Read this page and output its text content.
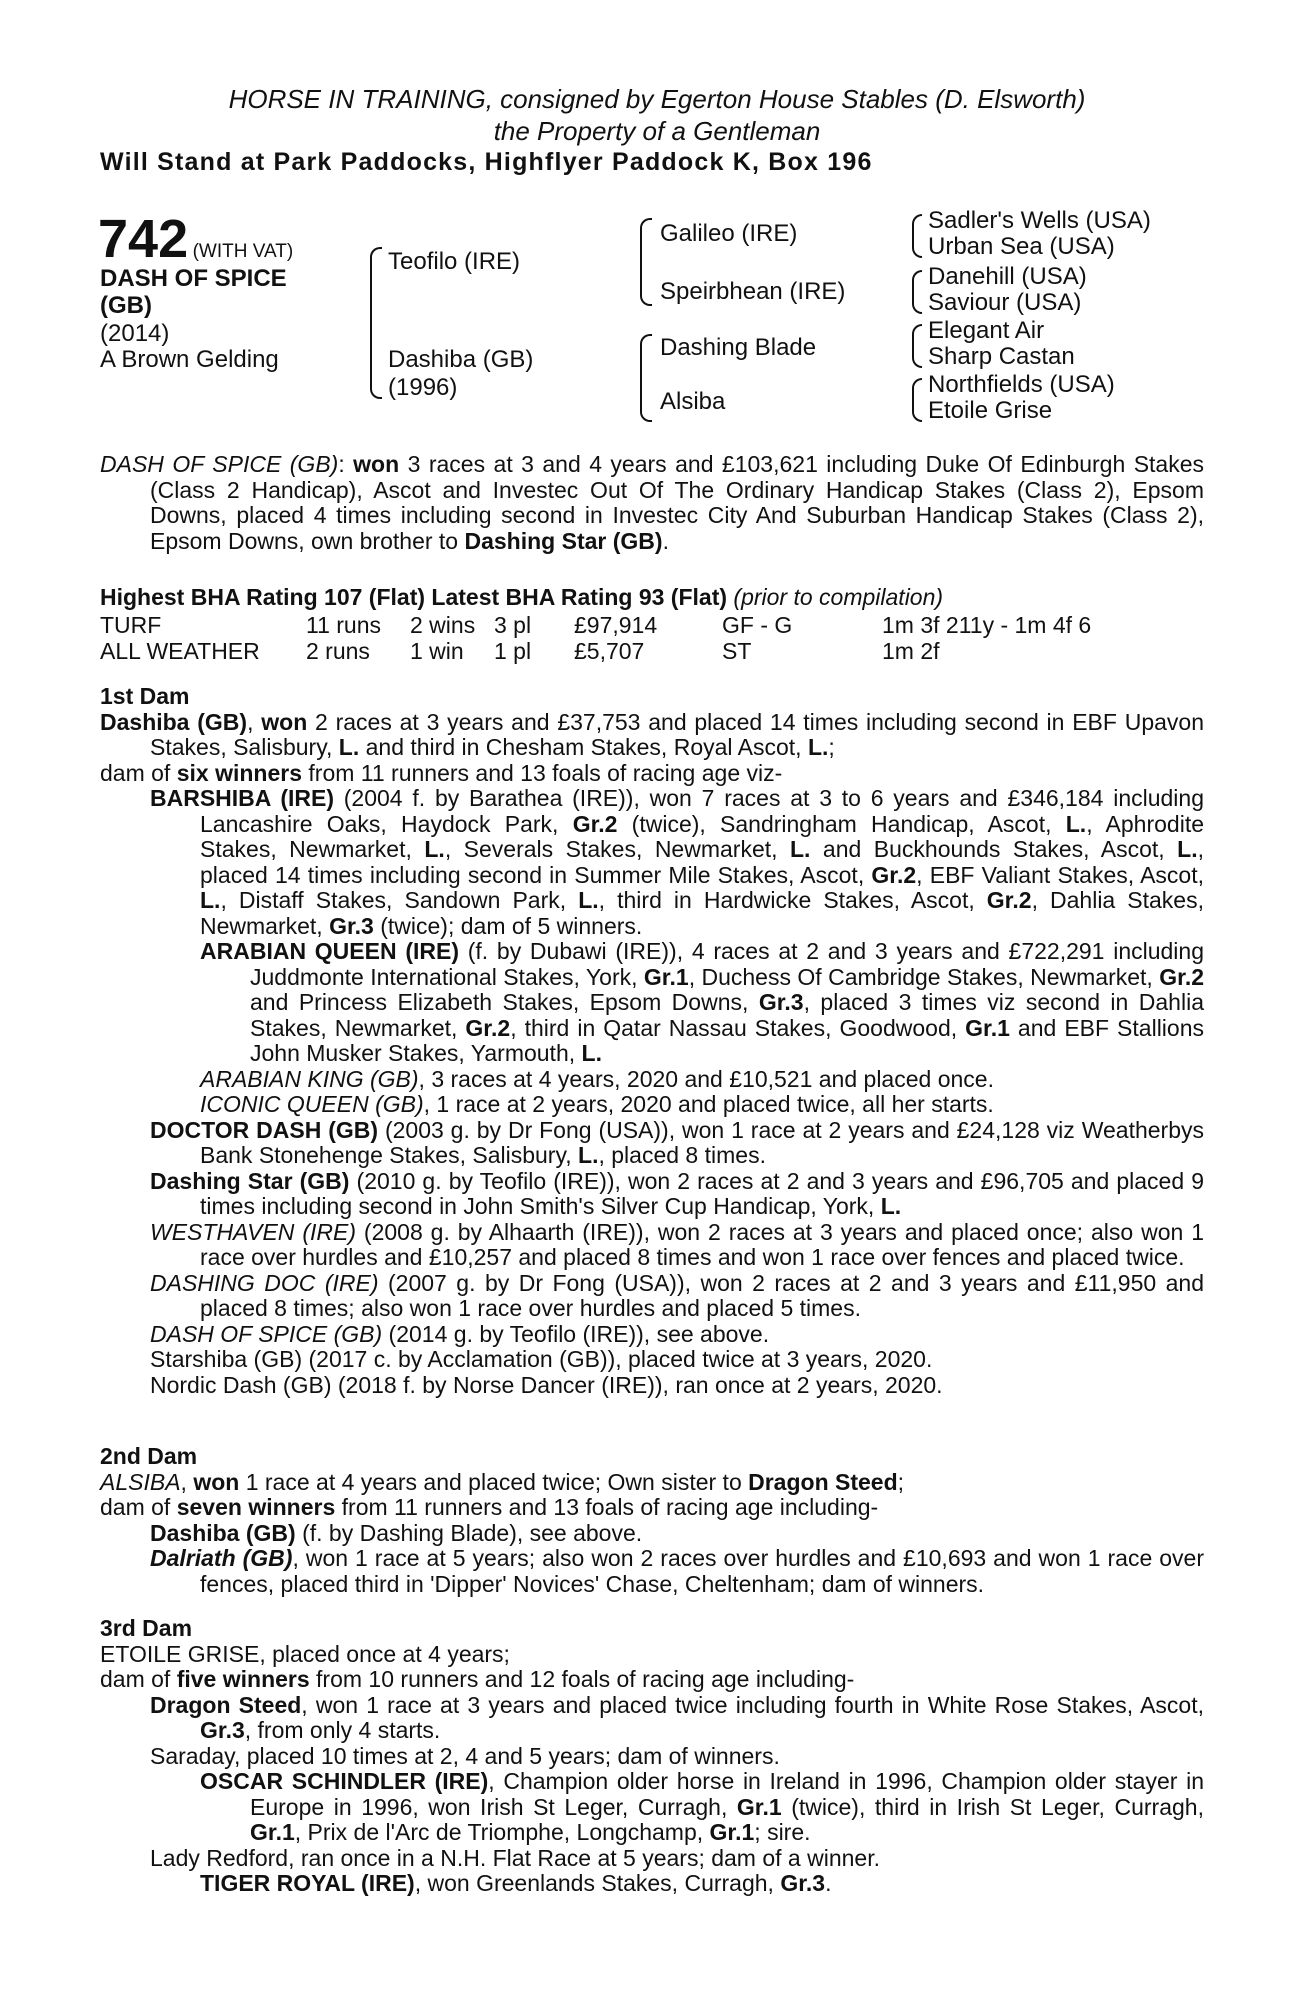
HORSE IN TRAINING, consigned by Egerton House Stables (D. Elsworth)
the Property of a Gentleman
Will Stand at Park Paddocks, Highflyer Paddock K, Box 196
742 (WITH VAT)
DASH OF SPICE
(GB)
(2014)
A Brown Gelding
Teofilo (IRE)
Dashiba (GB)
(1996)
Galileo (IRE)
Speirbhean (IRE)
Dashing Blade
Alsiba
Sadler's Wells (USA)
Urban Sea (USA)
Danehill (USA)
Saviour (USA)
Elegant Air
Sharp Castan
Northfields (USA)
Etoile Grise

DASH OF SPICE (GB): won 3 races at 3 and 4 years and £103,621 including Duke Of Edinburgh Stakes (Class 2 Handicap), Ascot and Investec Out Of The Ordinary Handicap Stakes (Class 2), Epsom Downs, placed 4 times including second in Investec City And Suburban Handicap Stakes (Class 2), Epsom Downs, own brother to Dashing Star (GB).

Highest BHA Rating 107 (Flat) Latest BHA Rating 93 (Flat) (prior to compilation)
TURF	11 runs 2 wins 3 pl £97,914	GF - G	1m 3f 211y - 1m 4f 6
ALL WEATHER 2 runs 1 win 1 pl £5,707	ST	1m 2f

1st Dam

Dashiba (GB), won 2 races at 3 years and £37,753 and placed 14 times including second in EBF Upavon Stakes, Salisbury, L. and third in Chesham Stakes, Royal Ascot, L.;

dam of six winners from 11 runners and 13 foals of racing age viz-

BARSHIBA (IRE) (2004 f. by Barathea (IRE)), won 7 races at 3 to 6 years and £346,184 including Lancashire Oaks, Haydock Park, Gr.2 (twice), Sandringham Handicap, Ascot, L., Aphrodite Stakes, Newmarket, L., Severals Stakes, Newmarket, L. and Buckhounds Stakes, Ascot, L., placed 14 times including second in Summer Mile Stakes, Ascot, Gr.2, EBF Valiant Stakes, Ascot, L., Distaff Stakes, Sandown Park, L., third in Hardwicke Stakes, Ascot, Gr.2, Dahlia Stakes, Newmarket, Gr.3 (twice); dam of 5 winners.

ARABIAN QUEEN (IRE) (f. by Dubawi (IRE)), 4 races at 2 and 3 years and £722,291 including Juddmonte International Stakes, York, Gr.1, Duchess Of Cambridge Stakes, Newmarket, Gr.2 and Princess Elizabeth Stakes, Epsom Downs, Gr.3, placed 3 times viz second in Dahlia Stakes, Newmarket, Gr.2, third in Qatar Nassau Stakes, Goodwood, Gr.1 and EBF Stallions John Musker Stakes, Yarmouth, L.

ARABIAN KING (GB), 3 races at 4 years, 2020 and £10,521 and placed once.

ICONIC QUEEN (GB), 1 race at 2 years, 2020 and placed twice, all her starts.

DOCTOR DASH (GB) (2003 g. by Dr Fong (USA)), won 1 race at 2 years and £24,128 viz Weatherbys Bank Stonehenge Stakes, Salisbury, L., placed 8 times.

Dashing Star (GB) (2010 g. by Teofilo (IRE)), won 2 races at 2 and 3 years and £96,705 and placed 9 times including second in John Smith's Silver Cup Handicap, York, L.

WESTHAVEN (IRE) (2008 g. by Alhaarth (IRE)), won 2 races at 3 years and placed once; also won 1 race over hurdles and £10,257 and placed 8 times and won 1 race over fences and placed twice.

DASHING DOC (IRE) (2007 g. by Dr Fong (USA)), won 2 races at 2 and 3 years and £11,950 and placed 8 times; also won 1 race over hurdles and placed 5 times.

DASH OF SPICE (GB) (2014 g. by Teofilo (IRE)), see above.

Starshiba (GB) (2017 c. by Acclamation (GB)), placed twice at 3 years, 2020.

Nordic Dash (GB) (2018 f. by Norse Dancer (IRE)), ran once at 2 years, 2020.

2nd Dam

ALSIBA, won 1 race at 4 years and placed twice; Own sister to Dragon Steed;

dam of seven winners from 11 runners and 13 foals of racing age including-

Dashiba (GB) (f. by Dashing Blade), see above.

Dalriath (GB), won 1 race at 5 years; also won 2 races over hurdles and £10,693 and won 1 race over fences, placed third in 'Dipper' Novices' Chase, Cheltenham; dam of winners.

3rd Dam

ETOILE GRISE, placed once at 4 years;

dam of five winners from 10 runners and 12 foals of racing age including-

Dragon Steed, won 1 race at 3 years and placed twice including fourth in White Rose Stakes, Ascot, Gr.3, from only 4 starts.

Saraday, placed 10 times at 2, 4 and 5 years; dam of winners.

OSCAR SCHINDLER (IRE), Champion older horse in Ireland in 1996, Champion older stayer in Europe in 1996, won Irish St Leger, Curragh, Gr.1 (twice), third in Irish St Leger, Curragh, Gr.1, Prix de l'Arc de Triomphe, Longchamp, Gr.1; sire.

Lady Redford, ran once in a N.H. Flat Race at 5 years; dam of a winner.

TIGER ROYAL (IRE), won Greenlands Stakes, Curragh, Gr.3.
